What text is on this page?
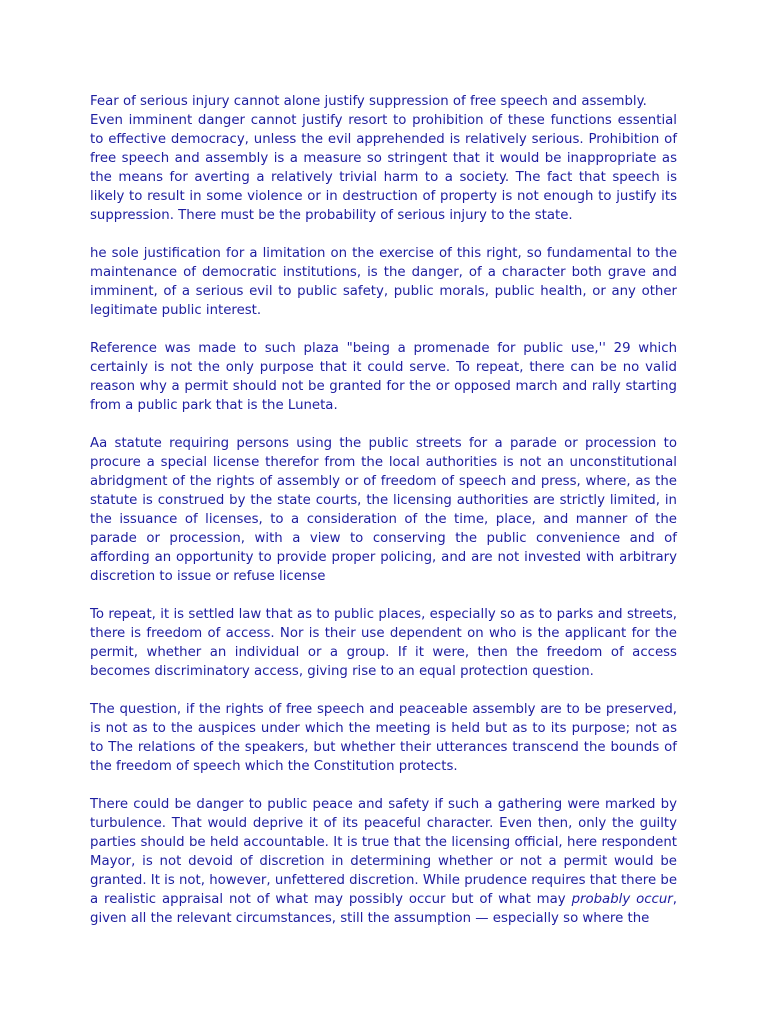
Fear of serious injury cannot alone justify suppression of free speech and assembly.
Even imminent danger cannot justify resort to prohibition of these functions essential to effective democracy, unless the evil apprehended is relatively serious. Prohibition of free speech and assembly is a measure so stringent that it would be inappropriate as the means for averting a relatively trivial harm to a society. The fact that speech is likely to result in some violence or in destruction of property is not enough to justify its suppression. There must be the probability of serious injury to the state.

he sole justification for a limitation on the exercise of this right, so fundamental to the maintenance of democratic institutions, is the danger, of a character both grave and imminent, of a serious evil to public safety, public morals, public health, or any other legitimate public interest.

Reference was made to such plaza "being a promenade for public use,'' 29 which certainly is not the only purpose that it could serve. To repeat, there can be no valid reason why a permit should not be granted for the or opposed march and rally starting from a public park that is the Luneta.

Aa statute requiring persons using the public streets for a parade or procession to procure a special license therefor from the local authorities is not an unconstitutional abridgment of the rights of assembly or of freedom of speech and press, where, as the statute is construed by the state courts, the licensing authorities are strictly limited, in the issuance of licenses, to a consideration of the time, place, and manner of the parade or procession, with a view to conserving the public convenience and of affording an opportunity to provide proper policing, and are not invested with arbitrary discretion to issue or refuse license

To repeat, it is settled law that as to public places, especially so as to parks and streets, there is freedom of access. Nor is their use dependent on who is the applicant for the permit, whether an individual or a group. If it were, then the freedom of access becomes discriminatory access, giving rise to an equal protection question.

The question, if the rights of free speech and peaceable assembly are to be preserved, is not as to the auspices under which the meeting is held but as to its purpose; not as to The relations of the speakers, but whether their utterances transcend the bounds of the freedom of speech which the Constitution protects.

There could be danger to public peace and safety if such a gathering were marked by turbulence. That would deprive it of its peaceful character. Even then, only the guilty parties should be held accountable. It is true that the licensing official, here respondent Mayor, is not devoid of discretion in determining whether or not a permit would be granted. It is not, however, unfettered discretion. While prudence requires that there be a realistic appraisal not of what may possibly occur but of what may probably occur, given all the relevant circumstances, still the assumption — especially so where the
